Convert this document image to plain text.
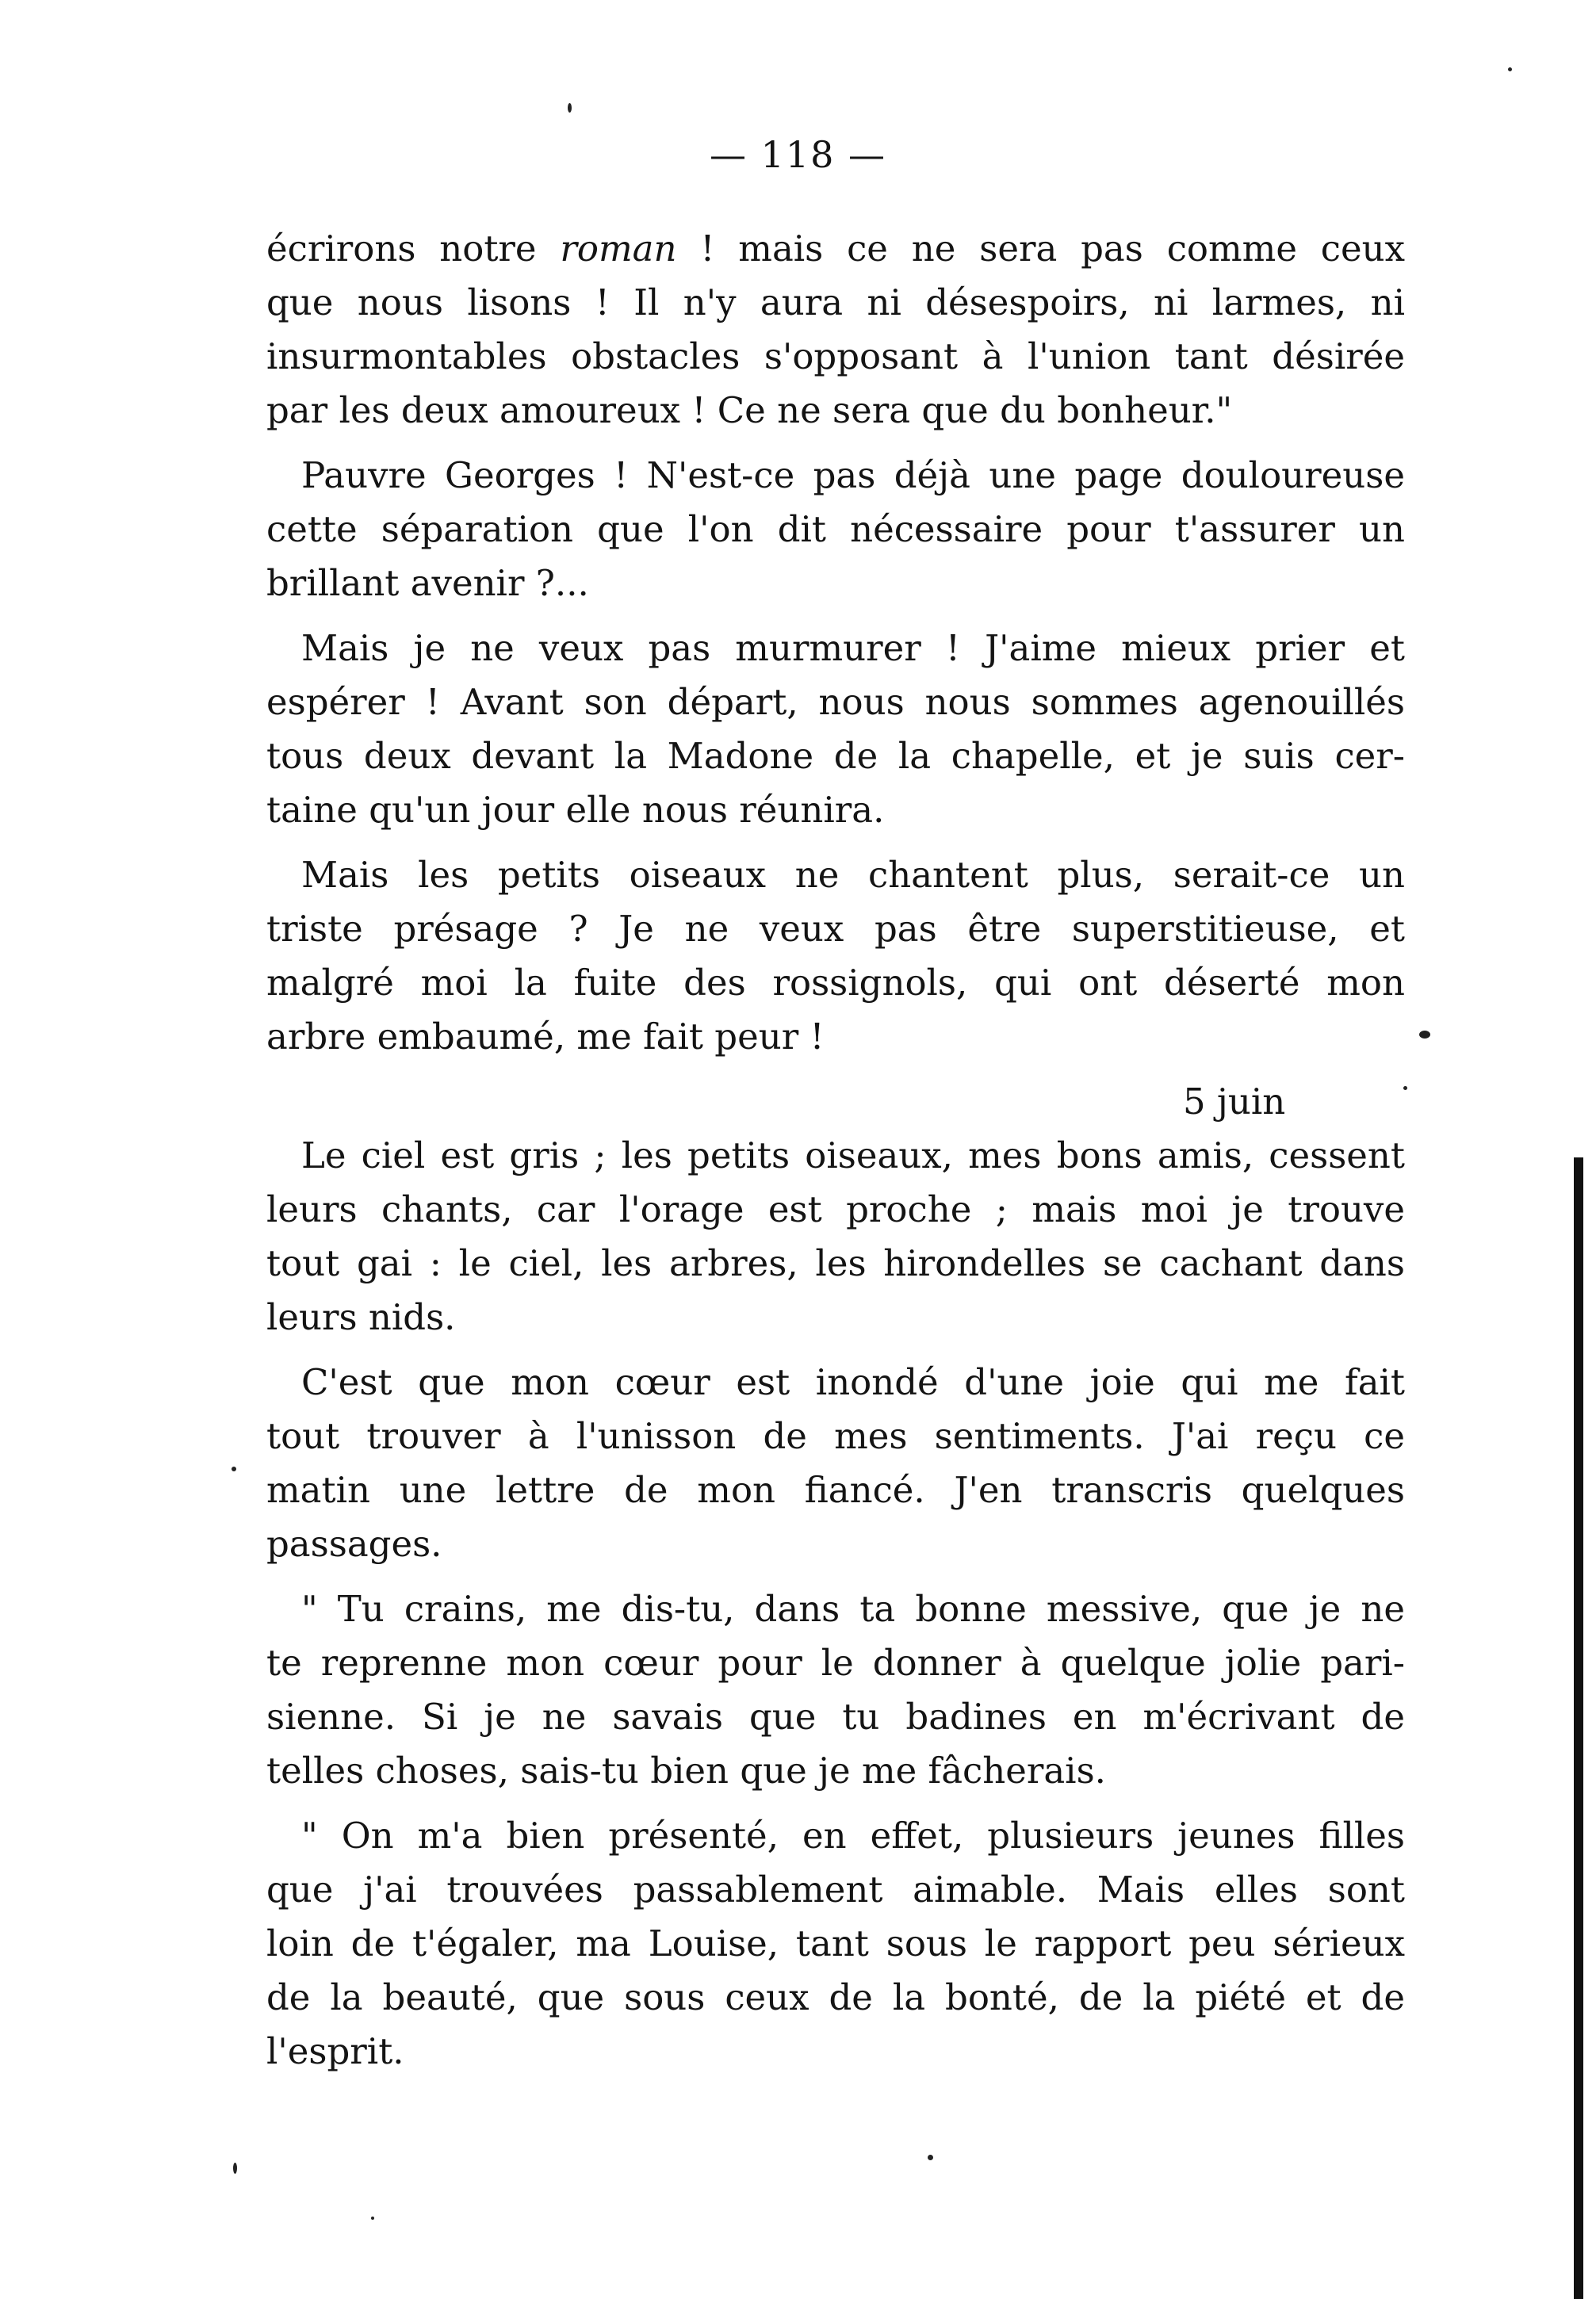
— 118 —
écrirons notre roman ! mais ce ne sera pas comme ceux
que nous lisons ! Il n'y aura ni désespoirs, ni larmes, ni
insurmontables obstacles s'opposant à l'union tant désirée
par les deux amoureux ! Ce ne sera que du bonheur."
Pauvre Georges ! N'est-ce pas déjà une page douloureuse
cette séparation que l'on dit nécessaire pour t'assurer un
brillant avenir ?...
Mais je ne veux pas murmurer ! J'aime mieux prier et
espérer ! Avant son départ, nous nous sommes agenouillés
tous deux devant la Madone de la chapelle, et je suis cer-
taine qu'un jour elle nous réunira.
Mais les petits oiseaux ne chantent plus, serait-ce un
triste présage ? Je ne veux pas être superstitieuse, et
malgré moi la fuite des rossignols, qui ont déserté mon
arbre embaumé, me fait peur !
5 juin
Le ciel est gris ; les petits oiseaux, mes bons amis, cessent
leurs chants, car l'orage est proche ; mais moi je trouve
tout gai : le ciel, les arbres, les hirondelles se cachant dans
leurs nids.
C'est que mon cœur est inondé d'une joie qui me fait
tout trouver à l'unisson de mes sentiments. J'ai reçu ce
matin une lettre de mon fiancé. J'en transcris quelques
passages.
" Tu crains, me dis-tu, dans ta bonne messive, que je ne
te reprenne mon cœur pour le donner à quelque jolie pari-
sienne. Si je ne savais que tu badines en m'écrivant de
telles choses, sais-tu bien que je me fâcherais.
" On m'a bien présenté, en effet, plusieurs jeunes filles
que j'ai trouvées passablement aimable. Mais elles sont
loin de t'égaler, ma Louise, tant sous le rapport peu sérieux
de la beauté, que sous ceux de la bonté, de la piété et de
l'esprit.
